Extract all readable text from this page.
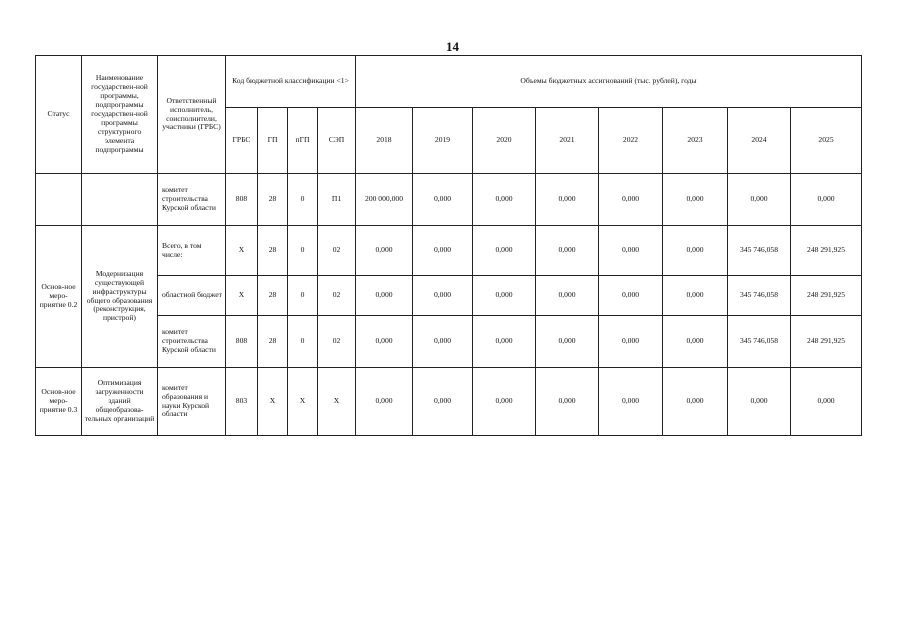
14
Статус	Наименование государствен-ной программы, подпрограммы государствен-ной программы структурного элемента подпрограммы	Ответственный исполнитель, соисполнители, участники (ГРБС)	Код бюджетной классификации <1>				Объемы бюджетных ассигнований (тыс. рублей), годы							
			ГРБС	ГП	пГП	СЭП	2018	2019	2020	2021	2022	2023	2024	2025
		комитет строительства Курской области	808	28	0	П1	200 000,000	0,000	0,000	0,000	0,000	0,000	0,000	0,000
Основ-ное меро-приятие 0.2	Модернизация существующей инфраструктуры общего образования (реконструкция, пристрой)	Всего, в том числе:	Х	28	0	02	0,000	0,000	0,000	0,000	0,000	0,000	345 746,058	248 291,925
		областной бюджет	Х	28	0	02	0,000	0,000	0,000	0,000	0,000	0,000	345 746,058	248 291,925
		комитет строительства Курской области	808	28	0	02	0,000	0,000	0,000	0,000	0,000	0,000	345 746,058	248 291,925
Основ-ное меро-приятие 0.3	Оптимизация загруженности зданий общеобразова-тельных организаций	комитет образования и науки Курской области	803	Х	Х	Х	0,000	0,000	0,000	0,000	0,000	0,000	0,000	0,000
